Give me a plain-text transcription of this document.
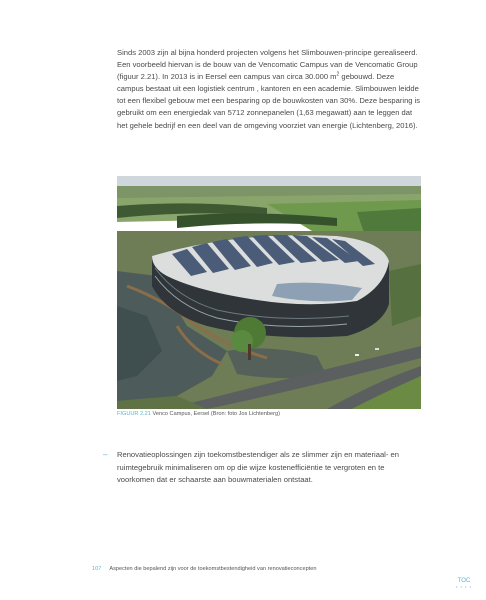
Sinds 2003 zijn al bijna honderd projecten volgens het Slimbouwen-principe gerealiseerd. Een voorbeeld hiervan is de bouw van de Vencomatic Campus van de Vencomatic Group (figuur 2.21). In 2013 is in Eersel een campus van circa 30.000 $m^2$ gebouwd. Deze campus bestaat uit een logistiek centrum , kantoren en een academie. Slimbouwen leidde tot een flexibel gebouw met een besparing op de bouwkosten van 30%. Deze besparing is gebruikt om een energiedak van 5712 zonnepanelen (1,63 megawatt) aan te leggen dat het gehele bedrijf en een deel van de omgeving voorziet van energie (Lichtenberg, 2016).

FIGUUR 2.21 Venco Campus, Eersel (Bron: foto Jos Lichtenberg)
– Renovatieoplossingen zijn toekomstbestendiger als ze slimmer zijn en materiaal- en ruimtegebruik minimaliseren om op die wijze kostenefficiëntie te vergroten en te voorkomen dat er schaarste aan bouwmaterialen ontstaat.

107 Aspecten die bepalend zijn voor de toekomstbestendigheid van renovatieconcepten
TOC
• • • •
